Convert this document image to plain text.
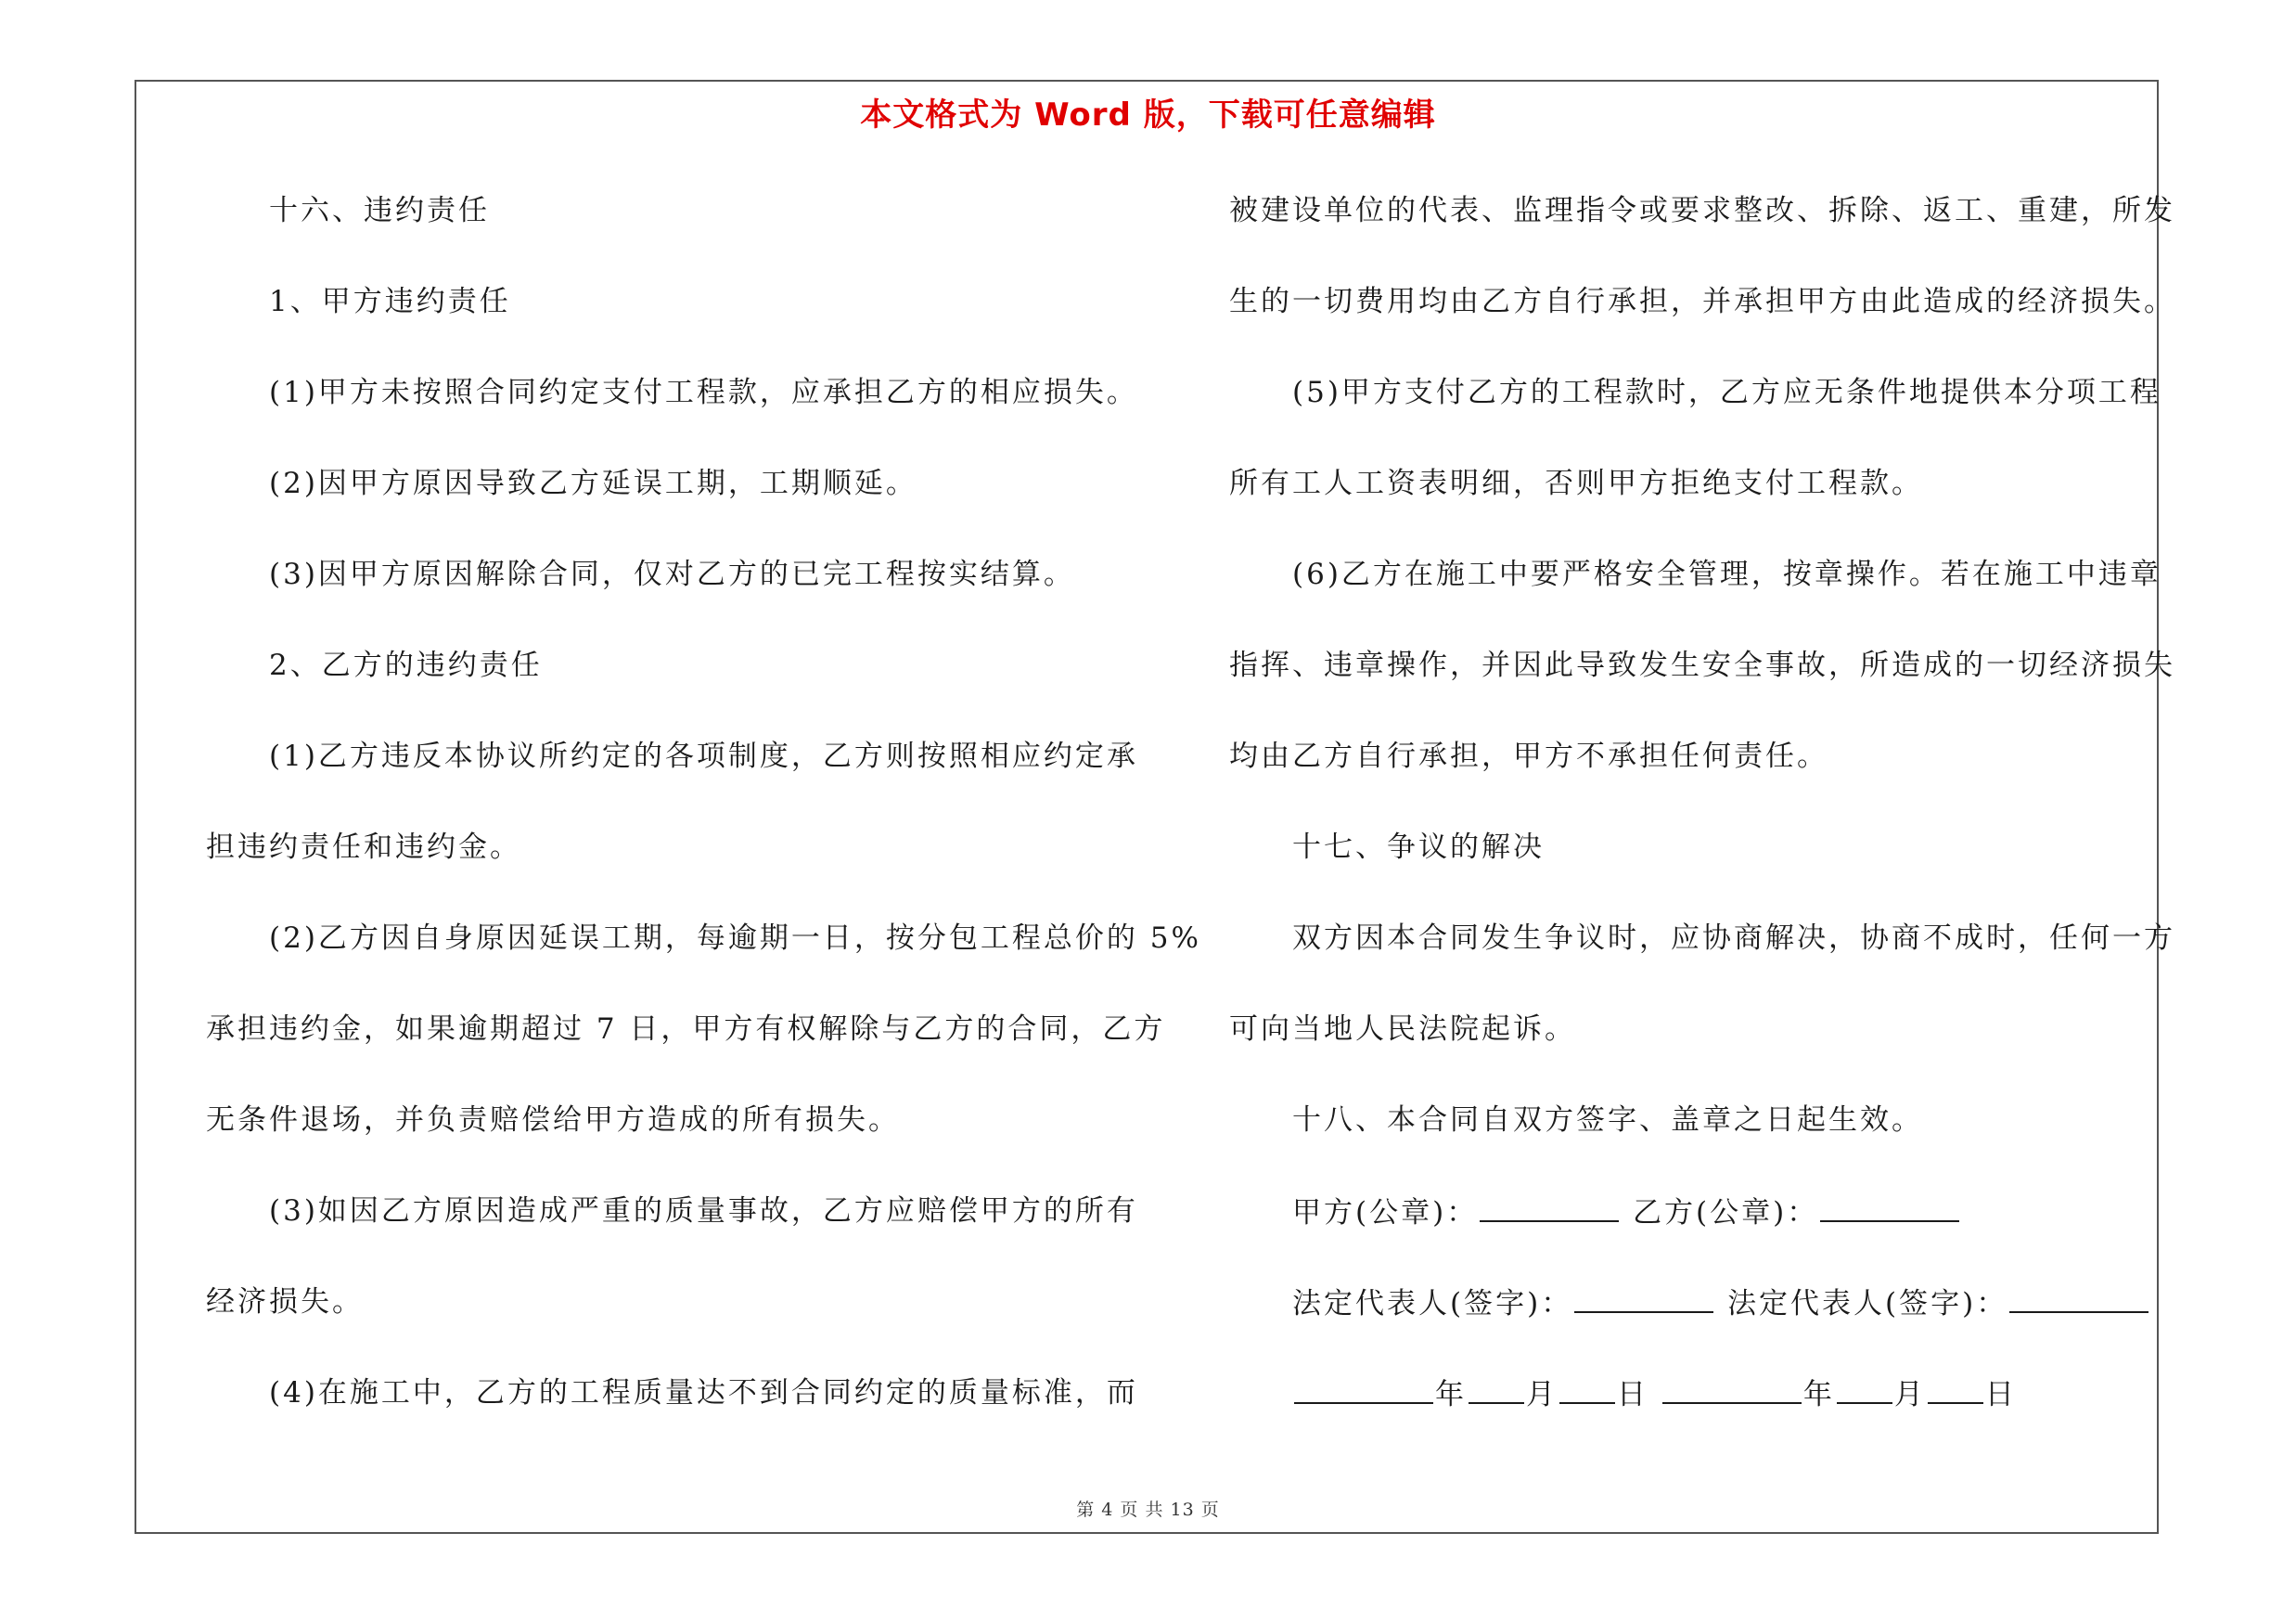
本文格式为 Word 版，下载可任意编辑
十六、违约责任
1、甲方违约责任
(1)甲方未按照合同约定支付工程款，应承担乙方的相应损失。
(2)因甲方原因导致乙方延误工期，工期顺延。
(3)因甲方原因解除合同，仅对乙方的已完工程按实结算。
2、乙方的违约责任
(1)乙方违反本协议所约定的各项制度，乙方则按照相应约定承
担违约责任和违约金。
(2)乙方因自身原因延误工期，每逾期一日，按分包工程总价的 5%
承担违约金，如果逾期超过 7 日，甲方有权解除与乙方的合同，乙方
无条件退场，并负责赔偿给甲方造成的所有损失。
(3)如因乙方原因造成严重的质量事故，乙方应赔偿甲方的所有
经济损失。
(4)在施工中，乙方的工程质量达不到合同约定的质量标准，而
被建设单位的代表、监理指令或要求整改、拆除、返工、重建，所发
生的一切费用均由乙方自行承担，并承担甲方由此造成的经济损失。
(5)甲方支付乙方的工程款时，乙方应无条件地提供本分项工程
所有工人工资表明细，否则甲方拒绝支付工程款。
(6)乙方在施工中要严格安全管理，按章操作。若在施工中违章
指挥、违章操作，并因此导致发生安全事故，所造成的一切经济损失
均由乙方自行承担，甲方不承担任何责任。
十七、争议的解决
双方因本合同发生争议时，应协商解决，协商不成时，任何一方
可向当地人民法院起诉。
十八、本合同自双方签字、盖章之日起生效。
甲方(公章)：	乙方(公章)：
法定代表人(签字)：	法定代表人(签字)：
年 月 日	年 月 日
第 4 页 共 13 页
